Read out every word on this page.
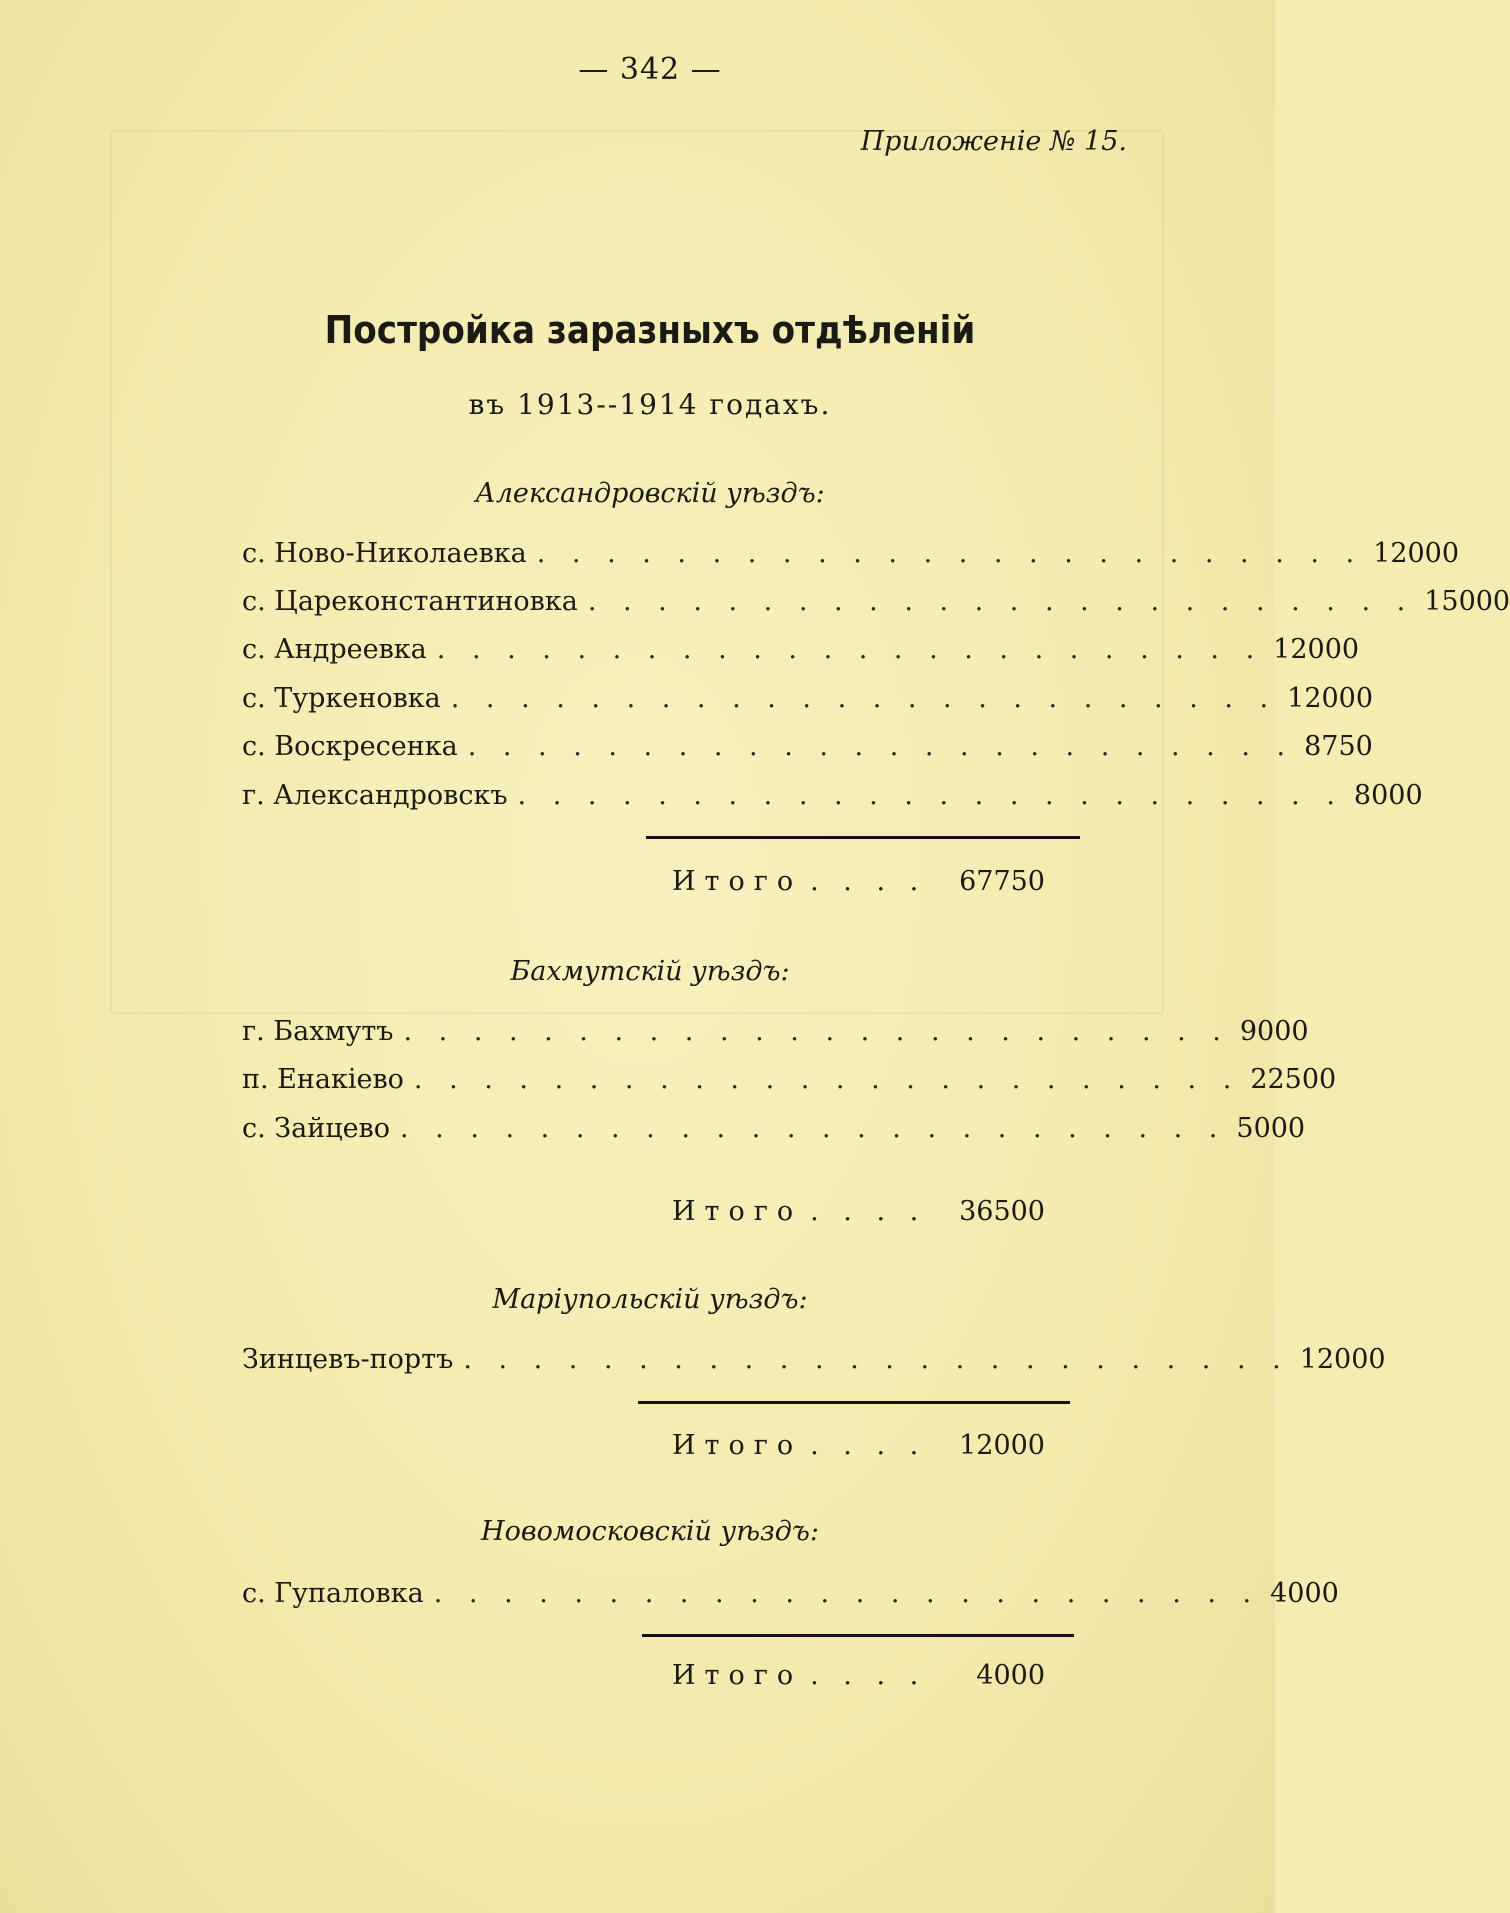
— 342 —
Приложенiе № 15.
Постройка заразныхъ отдѣленiй
въ 1913--1914 годахъ.
Александровскiй уѣздъ:
с. Ново-Николаевка . . . . . . . . . . . . . . . . . . . . . . . . 12000
с. Цареконстантиновка . . . . . . . . . . . . . . . . . . . . . . . . 15000
с. Андреевка . . . . . . . . . . . . . . . . . . . . . . . . 12000
с. Туркеновка . . . . . . . . . . . . . . . . . . . . . . . . 12000
с. Воскресенка . . . . . . . . . . . . . . . . . . . . . . . . 8750
г. Александровскъ . . . . . . . . . . . . . . . . . . . . . . . . 8000
Итого . . . .	67750
Бахмутскiй уѣздъ:
г. Бахмутъ . . . . . . . . . . . . . . . . . . . . . . . . 9000
п. Енакiево . . . . . . . . . . . . . . . . . . . . . . . . 22500
с. Зайцево . . . . . . . . . . . . . . . . . . . . . . . . 5000
Итого . . . .	36500
Марiупольскiй уѣздъ:
Зинцевъ-портъ . . . . . . . . . . . . . . . . . . . . . . . . 12000
Итого . . . .	12000
Новомосковскiй уѣздъ:
с. Гупаловка . . . . . . . . . . . . . . . . . . . . . . . . 4000
Итого . . . .	4000
